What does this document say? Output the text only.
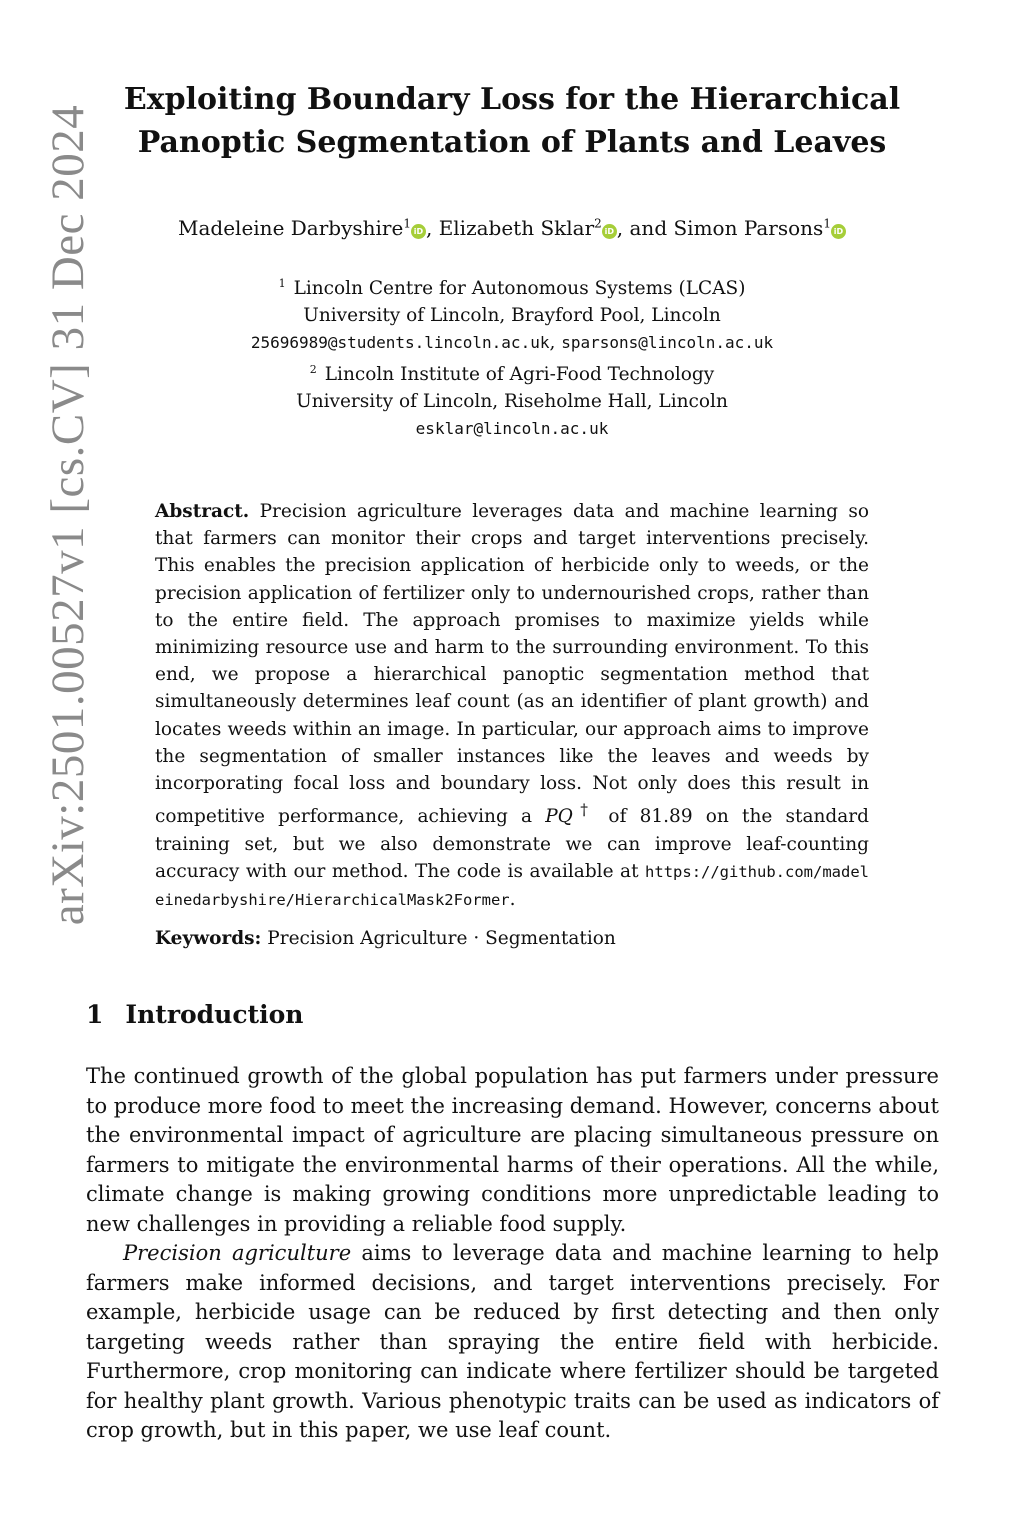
arXiv:2501.00527v1 [cs.CV] 31 Dec 2024
Exploiting Boundary Loss for the Hierarchical
Panoptic Segmentation of Plants and Leaves
Madeleine Darbyshire$^1$iD , Elizabeth Sklar$^2$iD , and Simon Parsons$^1$iD
$^1$ Lincoln Centre for Autonomous Systems (LCAS)
University of Lincoln, Brayford Pool, Lincoln
25696989@students.lincoln.ac.uk, sparsons@lincoln.ac.uk
$^2$ Lincoln Institute of Agri-Food Technology
University of Lincoln, Riseholme Hall, Lincoln
esklar@lincoln.ac.uk
Abstract. Precision agriculture leverages data and machine learning so that farmers can monitor their crops and target interventions precisely. This enables the precision application of herbicide only to weeds, or the precision application of fertilizer only to undernourished crops, rather than to the entire field. The approach promises to maximize yields while minimizing resource use and harm to the surrounding environment. To this end, we propose a hierarchical panoptic segmentation method that simultaneously determines leaf count (as an identifier of plant growth) and locates weeds within an image. In particular, our approach aims to improve the segmentation of smaller instances like the leaves and weeds by incorporating focal loss and boundary loss. Not only does this result in competitive performance, achieving a PQ† of 81.89 on the standard training set, but we also demonstrate we can improve leaf-counting accuracy with our method. The code is available at https://github.com/madeleinedarbyshire/HierarchicalMask2Former.
Keywords: Precision Agriculture · Segmentation
1 Introduction

The continued growth of the global population has put farmers under pressure to produce more food to meet the increasing demand. However, concerns about the environmental impact of agriculture are placing simultaneous pressure on farmers to mitigate the environmental harms of their operations. All the while, climate change is making growing conditions more unpredictable leading to new challenges in providing a reliable food supply.

Precision agriculture aims to leverage data and machine learning to help farmers make informed decisions, and target interventions precisely. For example, herbicide usage can be reduced by first detecting and then only targeting weeds rather than spraying the entire field with herbicide. Furthermore, crop monitoring can indicate where fertilizer should be targeted for healthy plant growth. Various phenotypic traits can be used as indicators of crop growth, but in this paper, we use leaf count.
